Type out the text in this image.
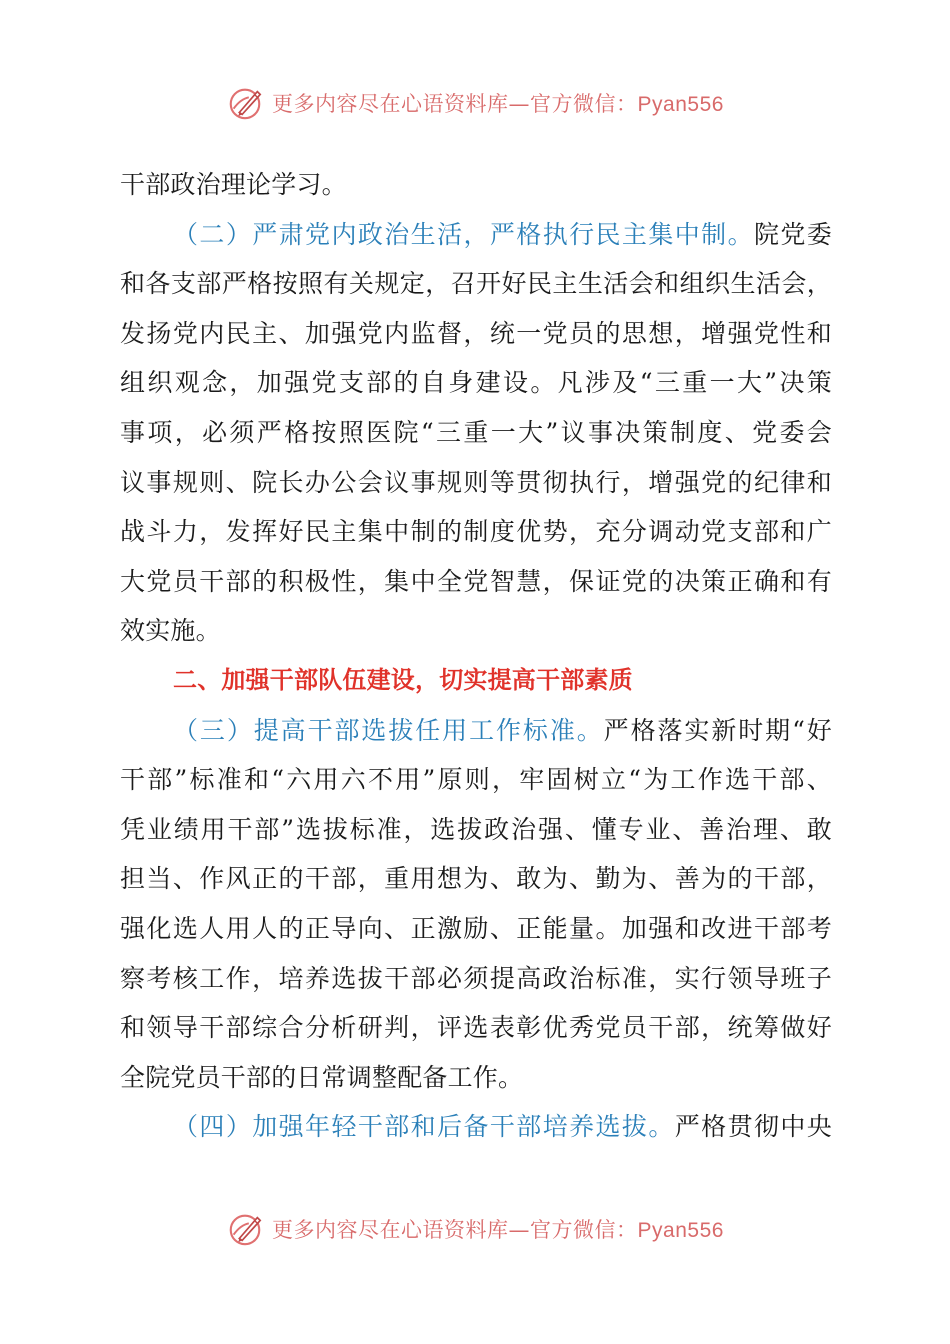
更多内容尽在心语资料库—官方微信：Pyan556
干部政治理论学习。
（二）严肃党内政治生活，严格执行民主集中制。院党委
和各支部严格按照有关规定，召开好民主生活会和组织生活会，
发扬党内民主、加强党内监督，统一党员的思想，增强党性和
组织观念，加强党支部的自身建设。凡涉及“三重一大”决策
事项，必须严格按照医院“三重一大”议事决策制度、党委会
议事规则、院长办公会议事规则等贯彻执行，增强党的纪律和
战斗力，发挥好民主集中制的制度优势，充分调动党支部和广
大党员干部的积极性，集中全党智慧，保证党的决策正确和有
效实施。
二、加强干部队伍建设，切实提高干部素质
（三）提高干部选拔任用工作标准。严格落实新时期“好
干部”标准和“六用六不用”原则，牢固树立“为工作选干部、
凭业绩用干部”选拔标准，选拔政治强、懂专业、善治理、敢
担当、作风正的干部，重用想为、敢为、勤为、善为的干部，
强化选人用人的正导向、正激励、正能量。加强和改进干部考
察考核工作，培养选拔干部必须提高政治标准，实行领导班子
和领导干部综合分析研判，评选表彰优秀党员干部，统筹做好
全院党员干部的日常调整配备工作。
（四）加强年轻干部和后备干部培养选拔。严格贯彻中央
更多内容尽在心语资料库—官方微信：Pyan556
